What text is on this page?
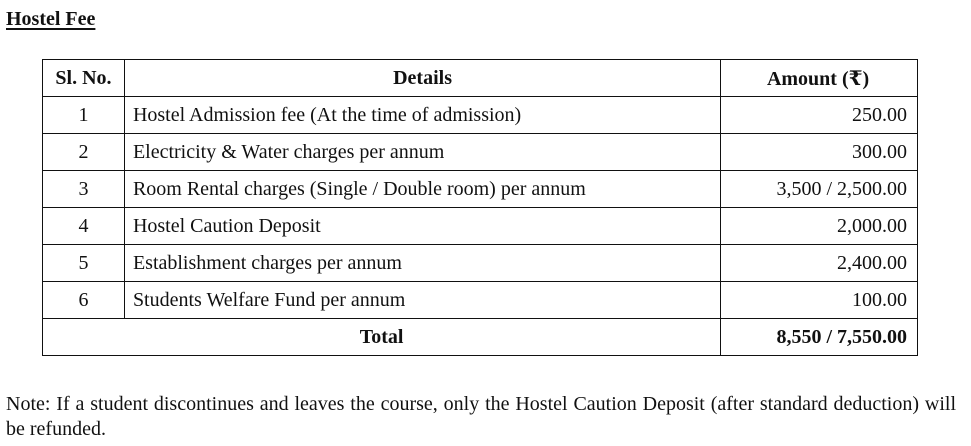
Hostel Fee
Sl. No.	Details	Amount (₹)
1	Hostel Admission fee (At the time of admission)	250.00
2	Electricity & Water charges per annum	300.00
3	Room Rental charges (Single / Double room) per annum	3,500 / 2,500.00
4	Hostel Caution Deposit	2,000.00
5	Establishment charges per annum	2,400.00
6	Students Welfare Fund per annum	100.00
Total		8,550 / 7,550.00
Note: If a student discontinues and leaves the course, only the Hostel Caution Deposit (after standard deduction) will be refunded.
